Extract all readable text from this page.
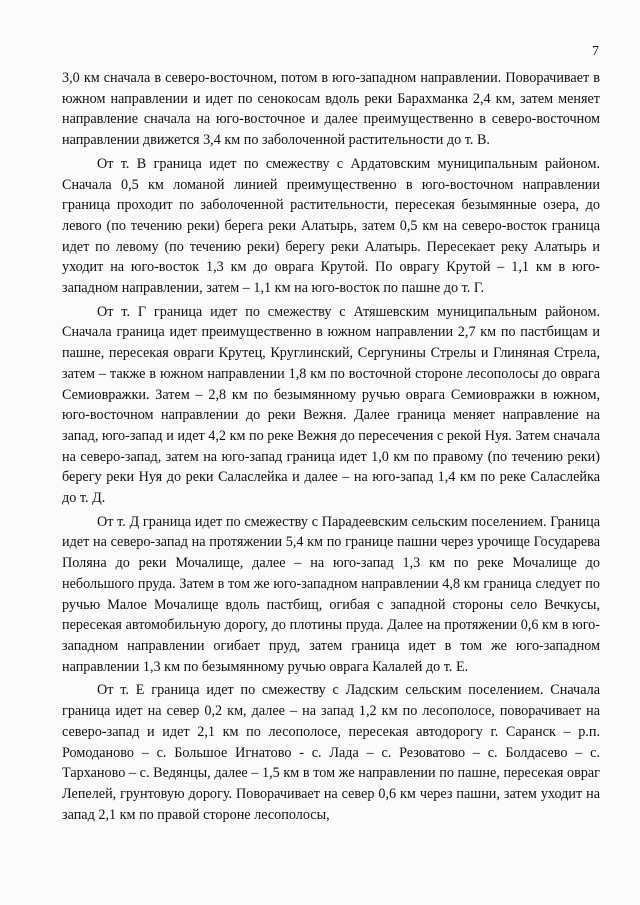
7

3,0 км сначала в северо-восточном, потом в юго-западном направлении. Поворачивает в южном направлении и идет по сенокосам вдоль реки Барахманка 2,4 км, затем меняет направление сначала на юго-восточное и далее преимущественно в северо-восточном направлении движется 3,4 км по заболоченной растительности до т. В.

От т. В граница идет по смежеству с Ардатовским муниципальным районом. Сначала 0,5 км ломаной линией преимущественно в юго-восточном направлении граница проходит по заболоченной растительности, пересекая безымянные озера, до левого (по течению реки) берега реки Алатырь, затем 0,5 км на северо-восток граница идет по левому (по течению реки) берегу реки Алатырь. Пересекает реку Алатырь и уходит на юго-восток 1,3 км до оврага Крутой. По оврагу Крутой – 1,1 км в юго-западном направлении, затем – 1,1 км на юго-восток по пашне до т. Г.

От т. Г граница идет по смежеству с Атяшевским муниципальным районом. Сначала граница идет преимущественно в южном направлении 2,7 км по пастбищам и пашне, пересекая овраги Крутец, Круглинский, Сергунины Стрелы и Глиняная Стрела, затем – также в южном направлении 1,8 км по восточной стороне лесополосы до оврага Семиовражки. Затем – 2,8 км по безымянному ручью оврага Семиовражки в южном, юго-восточном направлении до реки Вежня. Далее граница меняет направление на запад, юго-запад и идет 4,2 км по реке Вежня до пересечения с рекой Нуя. Затем сначала на северо-запад, затем на юго-запад граница идет 1,0 км по правому (по течению реки) берегу реки Нуя до реки Саласлейка и далее – на юго-запад 1,4 км по реке Саласлейка до т. Д.

От т. Д граница идет по смежеству с Парадеевским сельским поселением. Граница идет на северо-запад на протяжении 5,4 км по границе пашни через урочище Государева Поляна до реки Мочалище, далее – на юго-запад 1,3 км по реке Мочалище до небольшого пруда. Затем в том же юго-западном направлении 4,8 км граница следует по ручью Малое Мочалище вдоль пастбищ, огибая с западной стороны село Вечкусы, пересекая автомобильную дорогу, до плотины пруда. Далее на протяжении 0,6 км в юго-западном направлении огибает пруд, затем граница идет в том же юго-западном направлении 1,3 км по безымянному ручью оврага Калалей до т. Е.

От т. Е граница идет по смежеству с Ладским сельским поселением. Сначала граница идет на север 0,2 км, далее – на запад 1,2 км по лесополосе, поворачивает на северо-запад и идет 2,1 км по лесополосе, пересекая автодорогу г. Саранск – р.п. Ромоданово – с. Большое Игнатово - с. Лада – с. Резоватово – с. Болдасево – с. Тарханово – с. Ведянцы, далее – 1,5 км в том же направлении по пашне, пересекая овраг Лепелей, грунтовую дорогу. Поворачивает на север 0,6 км через пашни, затем уходит на запад 2,1 км по правой стороне лесополосы,
